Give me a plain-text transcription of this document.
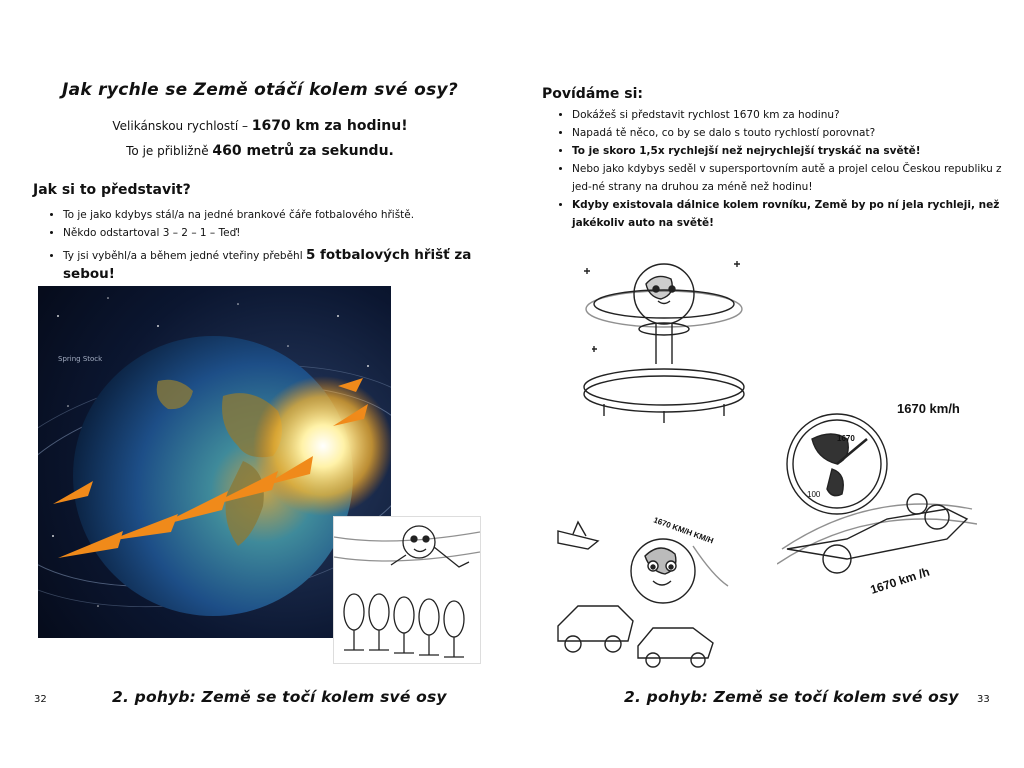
Jak rychle se Země otáčí kolem své osy?
Velikánskou rychlostí – 1670 km za hodinu!
To je přibližně 460 metrů za sekundu.
Jak si to představit?
• To je jako kdybys stál/a na jedné brankové čáře fotbalového hřiště.
• Někdo odstartoval 3 – 2 – 1 – Teď!
• Ty jsi vyběhl/a a během jedné vteřiny přeběhl 5 fotbalových hřišť za sebou!
Spring Stock
32	2. pohyb: Země se točí kolem své osy
Povídáme si:
• Dokážeš si představit rychlost 1670 km za hodinu?
• Napadá tě něco, co by se dalo s touto rychlostí porovnat?
• To je skoro 1,5x rychlejší než nejrychlejší tryskáč na světě!
• Nebo jako kdybys seděl v supersportovním autě a projel celou Českou republiku z jed-né strany na druhou za méně než hodinu!
• Kdyby existovala dálnice kolem rovníku, Země by po ní jela rychleji, než jakékoliv auto na světě!
1670 km/h
1670
100
1670 km /h
1670 KM/H KM/H
2. pohyb: Země se točí kolem své osy 33
